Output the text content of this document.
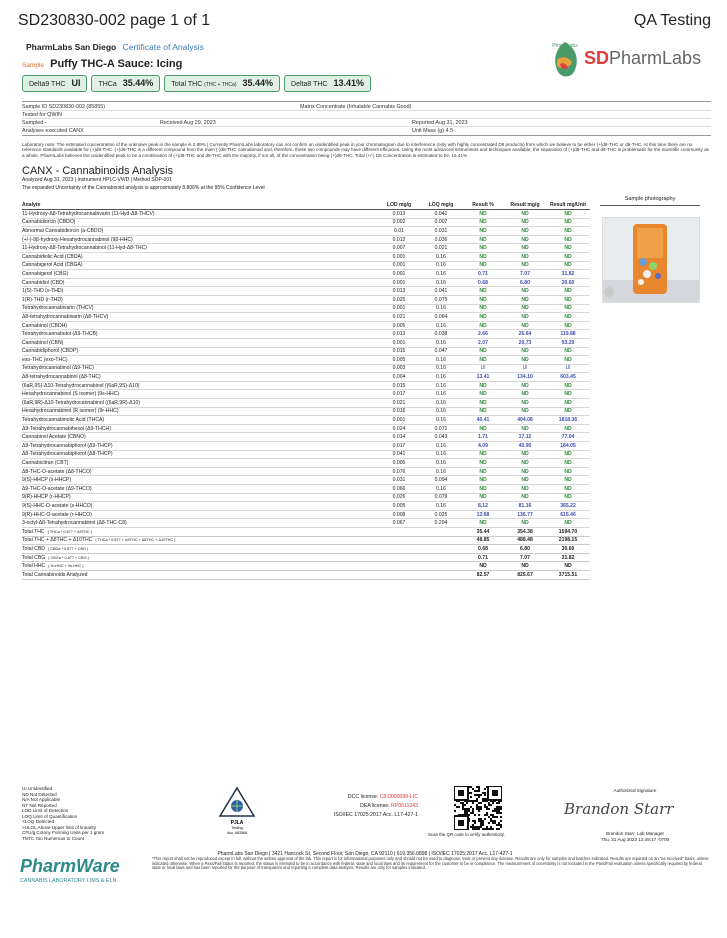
SD230830-002 page 1 of 1	QA Testing
PharmLabs San Diego Certificate of Analysis
Sample Puffy THC-A Sauce: Icing
Delta9 THC Ul	THCa 35.44%	Total THC (THC + THCa) 35.44%	Delta8 THC 13.41%
PharmLabs
SDPharmLabs
Sample ID SD230830-002 (85855)	Matrix Concentrate (Inhalable Cannabis Good)
Tested for QWIN
Sampled -	Received Aug 29, 2023	Reported Aug 31, 2023
Analyses executed CANX	Unit Mass (g) 4.5
Laboratory note: The estimated concentration of the unknown peak in the sample is 2.89% | Currently PharmLabs laboratory can not confirm an unidentified peak in your chromatogram due to interference (only with highly concentrated D8 products) from which we believe to be either (+)d8-THC or d9-THC. At this time there are no reference standards available for (+)d8-THC. (+)d8-THC is a different compound from the main (-)d8-THC cannabinoid and, therefore, these two compounds may have different efficacies. Using the most advanced instruments and techniques available, the separation of (+)d8-THC and d9-THC is problematic for the scientific community as a whole. PharmLabs believes the unidentified peak to be a combination of (+)d8-THC and d9-THC with the majority, if not all, of the concentration being (+)d8-THC. Total (+/-) D8 Concentration is estimated to be: 15.41%
CANX - Cannabinoids Analysis
Analyzed Aug 31, 2023 | Instrument HPLC-VWD | Method SOP-001
The expanded Uncertainty of the Cannabinoid analysis is approximately 8.806% at the 95% Confidence Level
Analyte	LOD mg/g	LOQ mg/g	Result %	Result mg/g	Result mg/Unit
11-Hydroxy-Δ8-Tetrahydrocannabivarin (11-Hyd-Δ8-THCV)	0.013	0.041	ND	ND	ND
Cannabidiorcin (CBDO)	0.002	0.007	ND	ND	ND
Abnormal Cannabidiorcin (a-CBDO)	0.01	0.031	ND	ND	ND
(+/-)-9β-hydroxy-Hexahydrocannabinol (9β-HHC)	0.012	0.036	ND	ND	ND
11-Hydroxy-Δ8-Tetrahydrocannabinol (11-Hyd-Δ8-THC)	0.007	0.021	ND	ND	ND
Cannabidiolic Acid (CBDA)	0.001	0.16	ND	ND	ND
Cannabigerol Acid (CBGA)	0.001	0.16	ND	ND	ND
Cannabigerol (CBG)	0.001	0.16	0.71	7.07	31.82
Cannabidiol (CBD)	0.001	0.16	0.68	6.80	30.60
1(S)-THD (s-THD)	0.013	0.041	ND	ND	ND
1(R)-THD (r-THD)	0.025	0.075	ND	ND	ND
Tetrahydrocannabivarin (THCV)	0.001	0.16	ND	ND	ND
Δ8-tetrahydrocannabivarin (Δ8-THCV)	0.021	0.064	ND	ND	ND
Cannabinol (CBDH)	0.005	0.16	ND	ND	ND
Tetrahydrocannabutol (Δ9-THCB)	0.013	0.038	2.66	26.64	119.88
Cannabinol (CBN)	0.001	0.16	2.07	20.73	93.29
Cannabidiphorol (CBDP)	0.015	0.047	ND	ND	ND
exo-THC (exo-THC)	0.005	0.16	ND	ND	ND
Tetrahydrocannabinol (Δ9-THC)	0.003	0.16	Ul	Ul	Ul
Δ8-tetrahydrocannabinol (Δ8-THC)	0.004	0.16	13.41	134.10	603.45
(6aR,9S)-Δ10-Tetrahydrocannabinol ((6aR,9S)-Δ10)	0.015	0.16	ND	ND	ND
Hexahydrocannabinol (S isomer) (9s-HHC)	0.017	0.16	ND	ND	ND
(6aR,9R)-Δ10-Tetrahydrocannabinol ((6aR,9R)-Δ10)	0.021	0.16	ND	ND	ND
Hexahydrocannabinol (R isomer) (9r-HHC)	0.016	0.16	ND	ND	ND
Tetrahydrocannabinolic Acid (THCA)	0.001	0.16	40.41	404.08	1818.36
Δ9-Tetrahydrocannabihexol (Δ9-THCH)	0.024	0.071	ND	ND	ND
Cannabinol Acetate (CBNO)	0.014	0.043	1.71	17.12	77.04
Δ9-Tetrahydrocannabiphorol (Δ9-THCP)	0.017	0.16	4.09	40.90	184.05
Δ8-Tetrahydrocannabiphorol (Δ8-THCP)	0.041	0.16	ND	ND	ND
Cannabicitran (CBT)	0.005	0.16	ND	ND	ND
Δ8-THC-O-acetate (Δ8-THCO)	0.076	0.16	ND	ND	ND
9(S)-HHCP (s-HHCP)	0.031	0.094	ND	ND	ND
Δ9-THC-O-acetate (Δ9-THCO)	0.066	0.16	ND	ND	ND
9(R)-HHCP (r-HHCP)	0.026	0.079	ND	ND	ND
9(S)-HHC-O-acetate (s-HHCO)	0.005	0.16	8.12	81.16	365.22
9(R)-HHC-O-acetate (r-HHCO)	0.008	0.025	13.68	136.77	615.46
3-octyl-Δ8-Tetrahydrocannabinol (Δ8-THC-C8)	0.067	0.204	ND	ND	ND
Total THC ( THCa * 0.877 + Δ9THC )			35.44	354.38	1594.70
Total THC + Δ8THC + Δ10THC ( THCa * 0.877 + Δ9THC + Δ8THC + Δ10THC )			48.85	488.48	2198.15
Total CBD ( CBDa * 0.877 + CBD )			0.68	6.80	30.60
Total CBG ( CBGa * 0.877 + CBG )			0.71	7.07	31.82
Total HHC ( 9r-HHC + 9s-HHC )			ND	ND	ND
Total Cannabinoids Analyzed			82.57	825.67	3715.51
Sample photography
UI Unidentified
ND Not Detected
N/A Not Applicable
NT Not Reported
LOD Limit of Detection
LOQ Limit of Quantification
<LOQ Detected
>ULOL Above Upper limit of linearity
CFU/g Colony Forming Units per 1 gram
TNTC Too Numerous to Count
PJLA
Testing
Acc. #83568
DCC license: C8-0000098-LIC
DEA license: RP0611043
ISO/IEC 17025:2017 Acc. L17-427-1
Scan the QR code to verify authenticity.
Authorized Signature
Brandon Starr
Brandon Starr, Lab Manager
Thu, 31 Aug 2023 12:49:17 -0700
PharmLabs San Diego | 3421 Hancock St, Second Floor, San Diego, CA 92110 | 619.356.0898 | ISO/IEC 17025:2017 Acc. L17-427-1
PharmWare
CANNABIS LABORATORY LIMS & ELN
*This report shall not be reproduced except in full, without the written approval of the lab. This report is for informational purposes only and should not be used to diagnose, treat or prevent any disease. Results are only for samples and batches indicated. Results are reported on an "as received" basis, unless indicated otherwise. When a Pass/Fail status is reported, the status is intended to be in accordance with federal, state and local laws and its requirement for the customer to be in compliance. The measurement of uncertainty is not included in the Pass/Fail evaluation unless specifically required by federal, state or local laws and has been reported for the purpose of transparent and reporting a complete data analysis. Results are only for samples indicated.
